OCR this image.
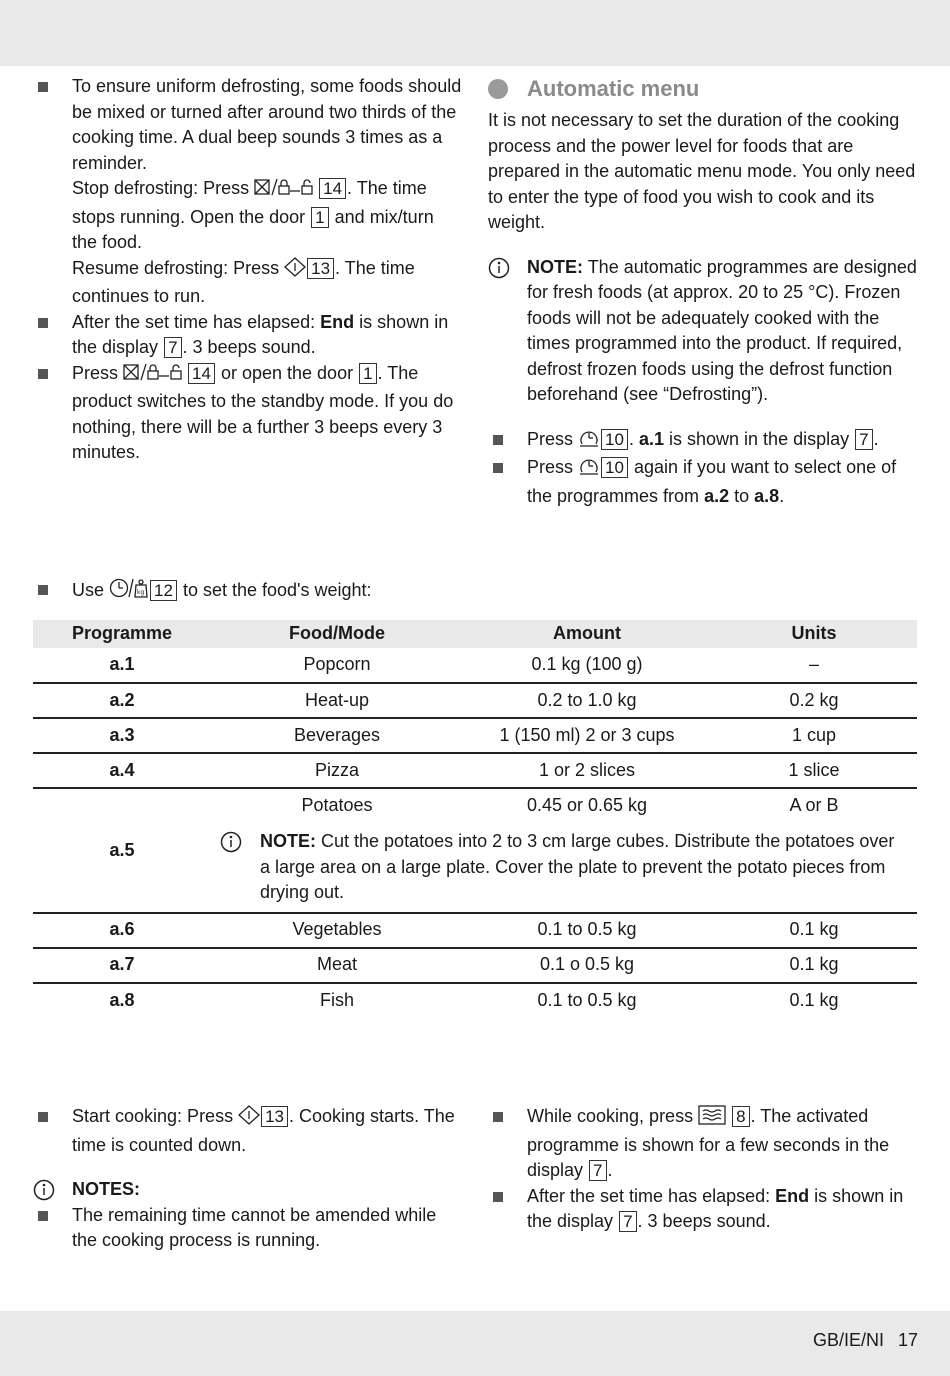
To ensure uniform defrosting, some foods should be mixed or turned after around two thirds of the cooking time. A dual beep sounds 3 times as a reminder.
Stop defrosting: Press	14 . The time stops running. Open the door 1 and mix/turn the food.
Resume defrosting: Press 13 . The time continues to run.
After the set time has elapsed: End is shown in the display 7 . 3 beeps sound.
Press	14 or open the door 1 . The product switches to the standby mode. If you do nothing, there will be a further 3 beeps every 3 minutes.
Automatic menu
It is not necessary to set the duration of the cooking process and the power level for foods that are prepared in the automatic menu mode. You only need to enter the type of food you wish to cook and its weight.
NOTE: The automatic programmes are designed for fresh foods (at approx. 20 to 25 °C). Frozen foods will not be adequately cooked with the times programmed into the product. If required, defrost frozen foods using the defrost function beforehand (see “Defrosting”).
Press 10 . a.1 is shown in the display 7 .
Press 10 again if you want to select one of the programmes from a.2 to a.8.
Use	kg 12 to set the food's weight:
Programme	Food/Mode	Amount	Units
a.1	Popcorn	0.1 kg (100 g)	–
a.2	Heat-up	0.2 to 1.0 kg	0.2 kg
a.3	Beverages	1 (150 ml) 2 or 3 cups	1 cup
a.4	Pizza	1 or 2 slices	1 slice
a.5	Potatoes	0.45 or 0.65 kg	A or B

NOTE: Cut the potatoes into 2 to 3 cm large cubes. Distribute the potatoes over a large area on a large plate. Cover the plate to prevent the potato pieces from drying out.		
a.6	Vegetables	0.1 to 0.5 kg	0.1 kg
a.7	Meat	0.1 o 0.5 kg	0.1 kg
a.8	Fish	0.1 to 0.5 kg	0.1 kg
Start cooking: Press 13 . Cooking starts. The time is counted down.
NOTES:
The remaining time cannot be amended while the cooking process is running.
While cooking, press	8 . The activated programme is shown for a few seconds in the display 7 .
After the set time has elapsed: End is shown in the display 7 . 3 beeps sound.
GB/IE/NI 17
